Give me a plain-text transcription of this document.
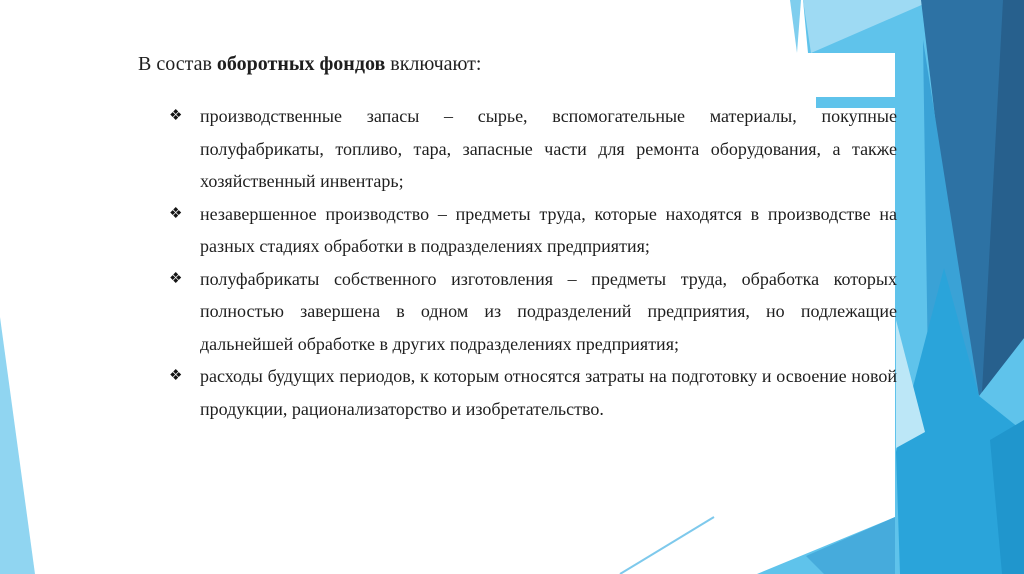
В состав оборотных фондов включают:
❖ производственные запасы – сырье, вспомогательные материалы, покупные полуфабрикаты, топливо, тара, запасные части для ремонта оборудования, а также хозяйственный инвентарь;
❖ незавершенное производство – предметы труда, которые находятся в производстве на разных стадиях обработки в подразделениях предприятия;
❖ полуфабрикаты собственного изготовления – предметы труда, обработка которых полностью завершена в одном из подразделений предприятия, но подлежащие дальнейшей обработке в других подразделениях предприятия;
❖ расходы будущих периодов, к которым относятся затраты на подготовку и освоение новой продукции, рационализаторство и изобретательство.
